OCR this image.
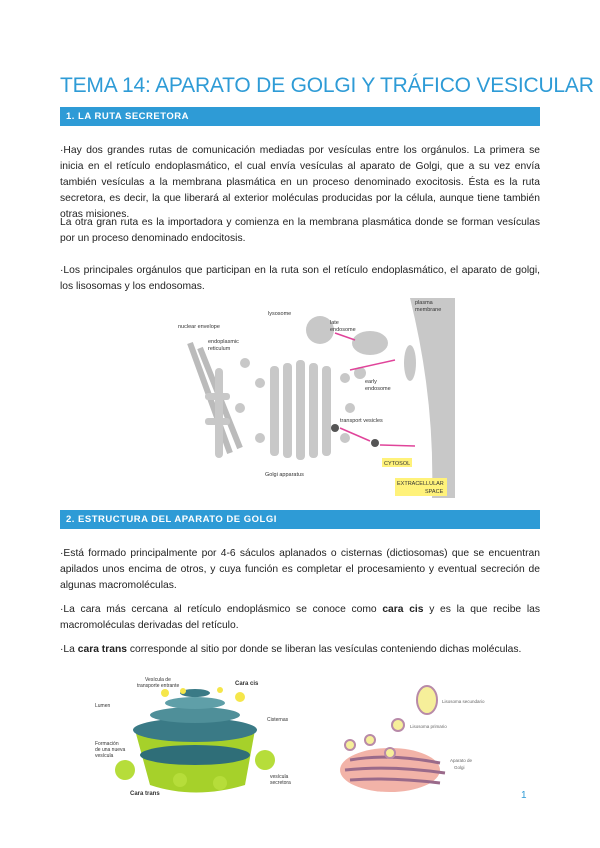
TEMA 14: APARATO DE GOLGI Y TRÁFICO VESICULAR
1. LA RUTA SECRETORA
·Hay dos grandes rutas de comunicación mediadas por vesículas entre los orgánulos. La primera se inicia en el retículo endoplasmático, el cual envía vesículas al aparato de Golgi, que a su vez envía también vesículas a la membrana plasmática en un proceso denominado exocitosis. Ésta es la ruta secretora, es decir, la que liberará al exterior moléculas producidas por la célula, aunque tiene también otras misiones.
La otra gran ruta es la importadora y comienza en la membrana plasmática donde se forman vesículas por un proceso denominado endocitosis.
·Los principales orgánulos que participan en la ruta son el retículo endoplasmático, el aparato de golgi, los lisosomas y los endosomas.
nuclear envelope
endoplasmic
reticulum
lysosome
late
endosome
early
endosome
plasma
membrane
transport vesicles
Golgi apparatus
CYTOSOL
EXTRACELLULAR
SPACE
2. ESTRUCTURA DEL APARATO DE GOLGI
·Está formado principalmente por 4-6 sáculos aplanados o cisternas (dictiosomas) que se encuentran apilados unos encima de otros, y cuya función es completar el procesamiento y eventual secreción de algunas macromoléculas.
·La cara más cercana al retículo endoplásmico se conoce como cara cis y es la que recibe las macromoléculas derivadas del retículo.
·La cara trans corresponde al sitio por donde se liberan las vesículas conteniendo dichas moléculas.
Vesícula de
transporte entrante	Cara cis
Lumen
Cisternas
Formación
de una nueva
vesícula
vesícula
secretora
Cara trans
Lisosoma secundario
Lisosoma primario
Aparato de
Golgi
1
